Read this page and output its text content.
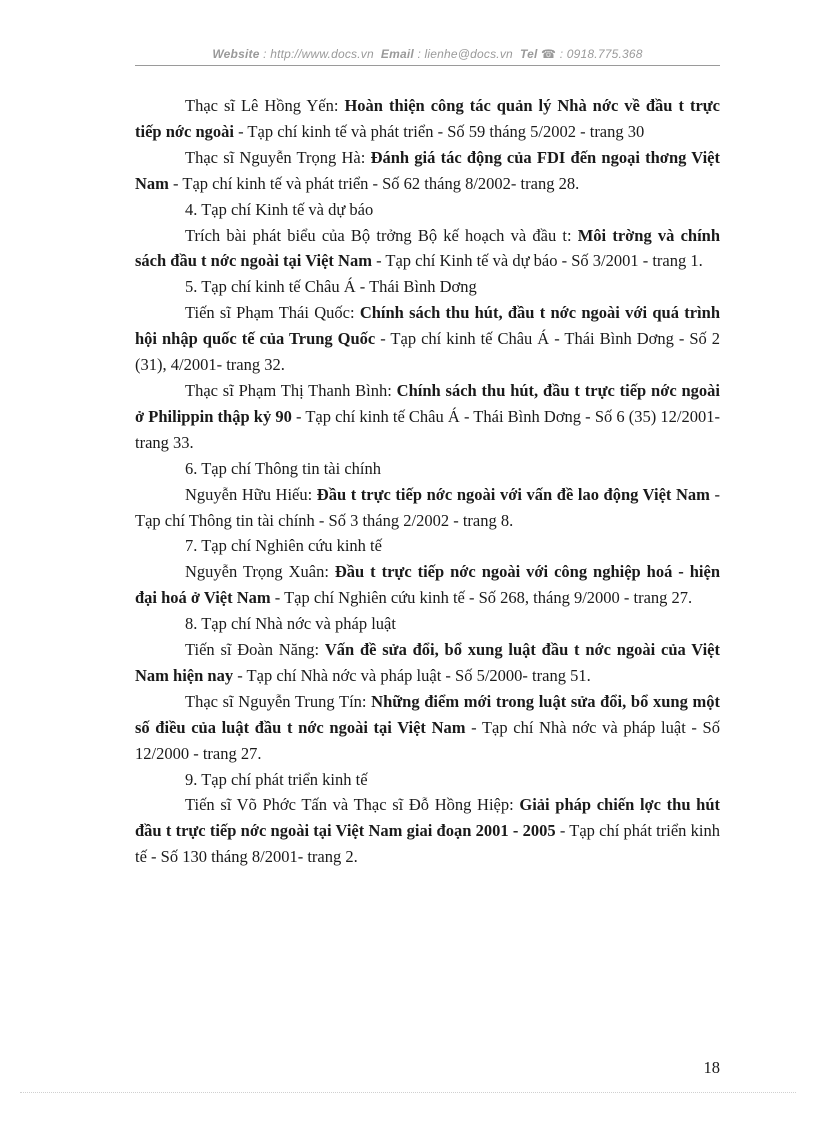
Website : http://www.docs.vn Email : lienhe@docs.vn Tel ☎ : 0918.775.368

Thạc sĩ Lê Hồng Yến: Hoàn thiện công tác quản lý Nhà nớc về đầu t trực tiếp nớc ngoài - Tạp chí kinh tế và phát triển - Số 59 tháng 5/2002 - trang 30

Thạc sĩ Nguyễn Trọng Hà: Đánh giá tác động của FDI đến ngoại thơng Việt Nam - Tạp chí kinh tế và phát triển - Số 62 tháng 8/2002- trang 28.

4. Tạp chí Kinh tế và dự báo

Trích bài phát biểu của Bộ trởng Bộ kế hoạch và đầu t: Môi trờng và chính sách đầu t nớc ngoài tại Việt Nam - Tạp chí Kinh tế và dự báo - Số 3/2001 - trang 1.

5. Tạp chí kinh tế Châu Á - Thái Bình Dơng

Tiến sĩ Phạm Thái Quốc: Chính sách thu hút, đầu t nớc ngoài với quá trình hội nhập quốc tế của Trung Quốc - Tạp chí kinh tế Châu Á - Thái Bình Dơng - Số 2 (31), 4/2001- trang 32.

Thạc sĩ Phạm Thị Thanh Bình: Chính sách thu hút, đầu t trực tiếp nớc ngoài ở Philippin thập kỷ 90 - Tạp chí kinh tế Châu Á - Thái Bình Dơng - Số 6 (35) 12/2001- trang 33.

6. Tạp chí Thông tin tài chính

Nguyễn Hữu Hiếu: Đầu t trực tiếp nớc ngoài với vấn đề lao động Việt Nam - Tạp chí Thông tin tài chính - Số 3 tháng 2/2002 - trang 8.

7. Tạp chí Nghiên cứu kinh tế

Nguyễn Trọng Xuân: Đầu t trực tiếp nớc ngoài với công nghiệp hoá - hiện đại hoá ở Việt Nam - Tạp chí Nghiên cứu kinh tế - Số 268, tháng 9/2000 - trang 27.

8. Tạp chí Nhà nớc và pháp luật

Tiến sĩ Đoàn Năng: Vấn đề sửa đổi, bổ xung luật đầu t nớc ngoài của Việt Nam hiện nay - Tạp chí Nhà nớc và pháp luật - Số 5/2000- trang 51.

Thạc sĩ Nguyễn Trung Tín: Những điểm mới trong luật sửa đổi, bổ xung một số điều của luật đầu t nớc ngoài tại Việt Nam - Tạp chí Nhà nớc và pháp luật - Số 12/2000 - trang 27.

9. Tạp chí phát triển kinh tế

Tiến sĩ Võ Phớc Tấn và Thạc sĩ Đỗ Hồng Hiệp: Giải pháp chiến lợc thu hút đầu t trực tiếp nớc ngoài tại Việt Nam giai đoạn 2001 - 2005 - Tạp chí phát triển kinh tế - Số 130 tháng 8/2001- trang 2.

18
